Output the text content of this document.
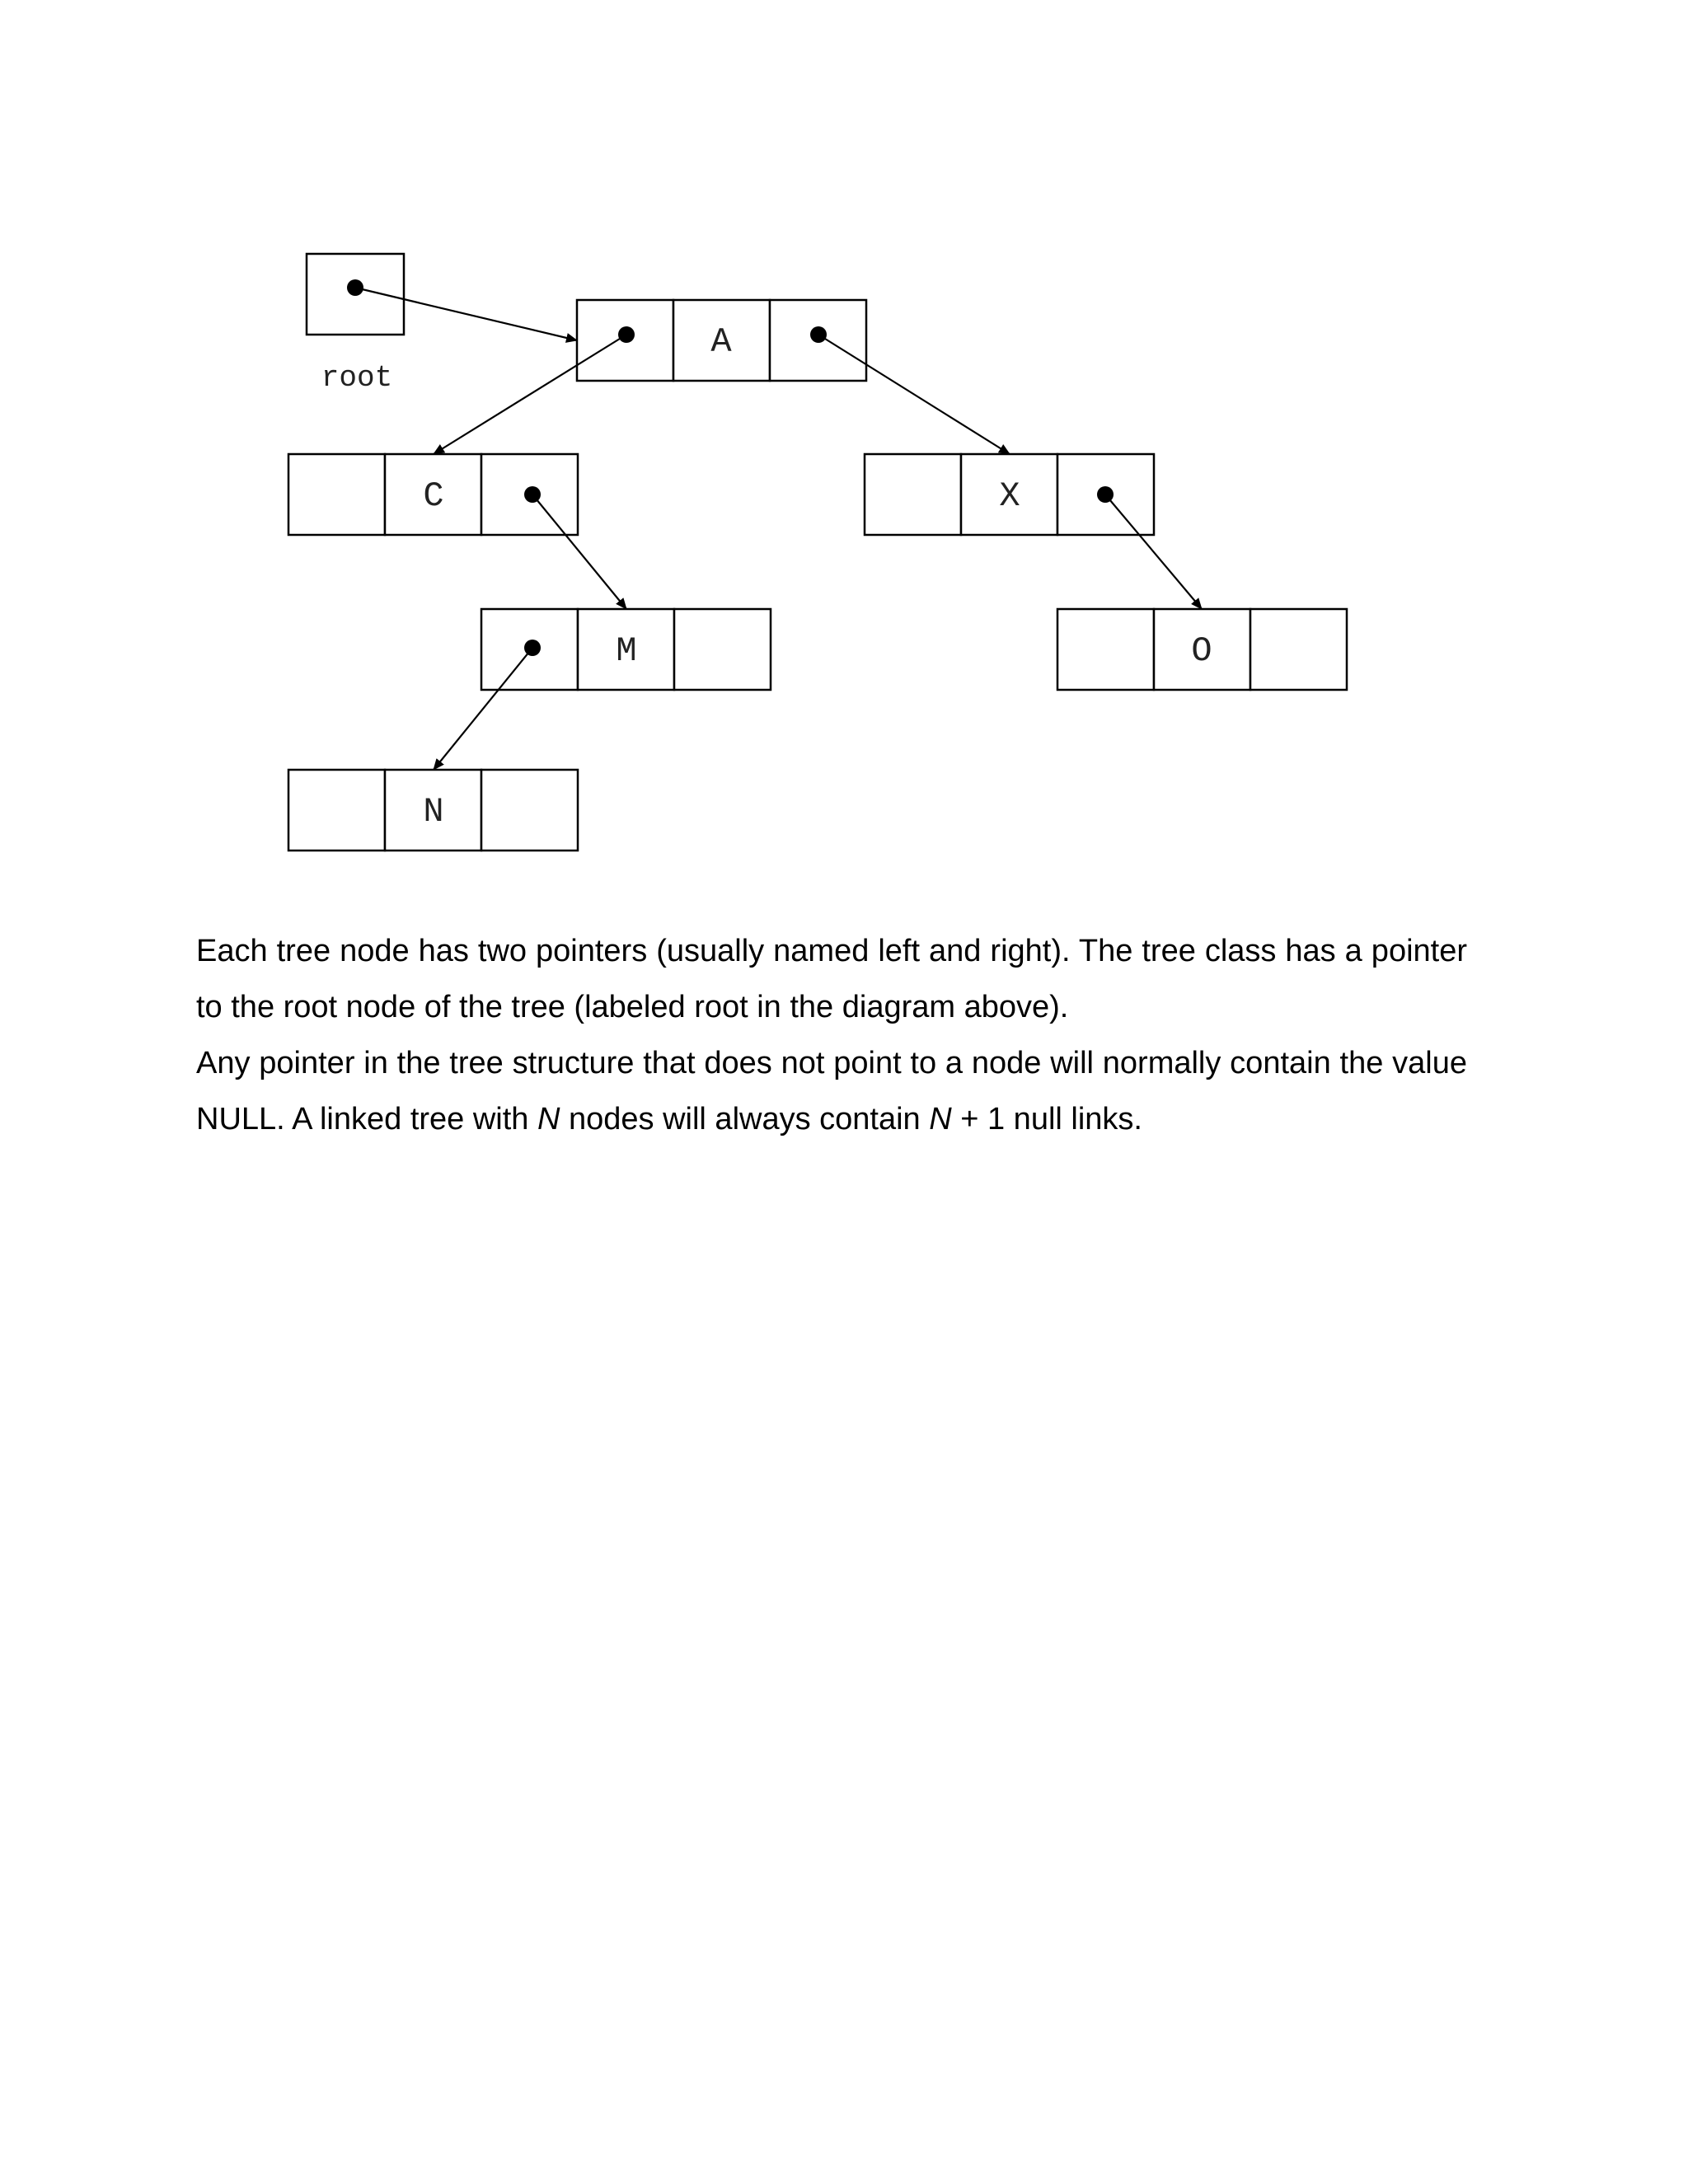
root
A
C	X
M	O
N

Each tree node has two pointers (usually named left and right). The tree class has a pointer to the root node of the tree (labeled root in the diagram above).

Any pointer in the tree structure that does not point to a node will normally contain the value NULL. A linked tree with N nodes will always contain N + 1 null links.
